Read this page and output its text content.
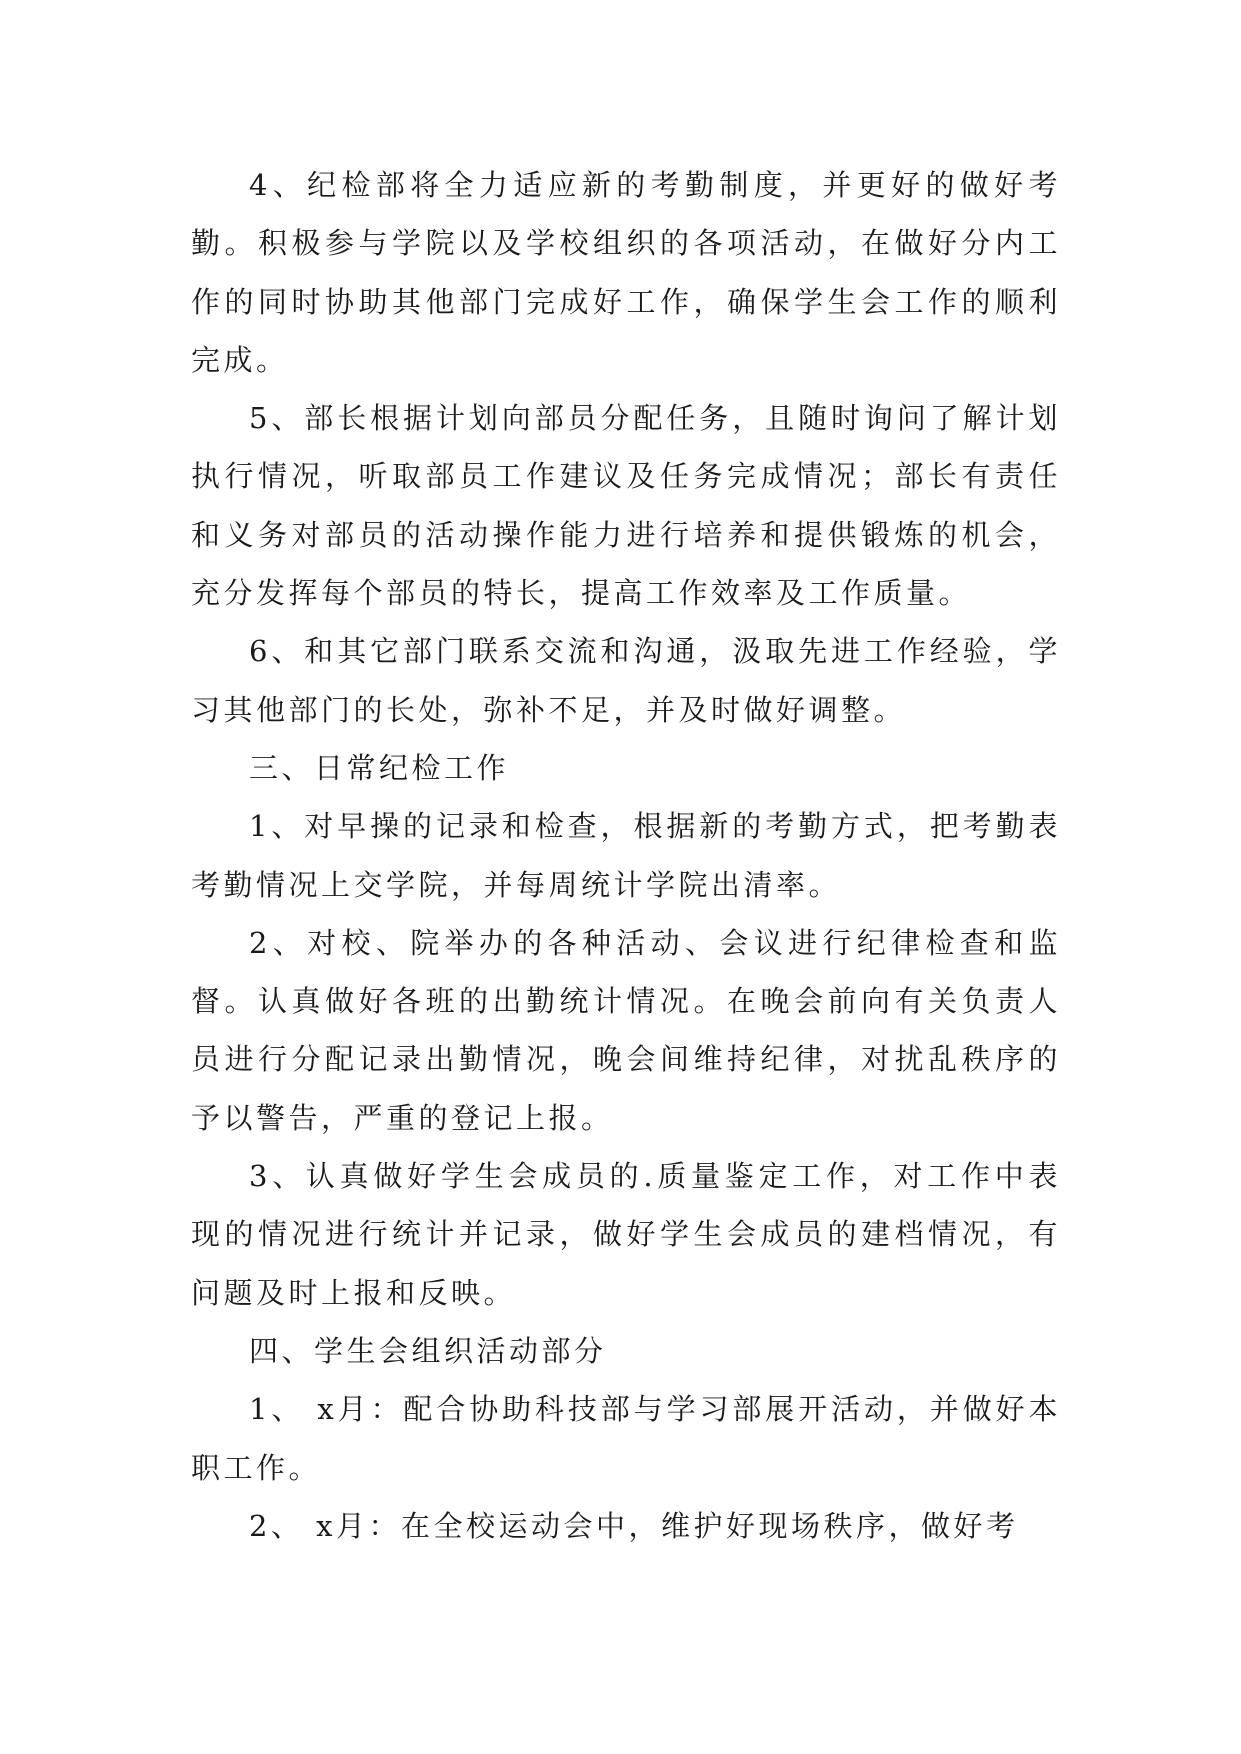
4、纪检部将全力适应新的考勤制度，并更好的做好考勤。积极参与学院以及学校组织的各项活动，在做好分内工作的同时协助其他部门完成好工作，确保学生会工作的顺利完成。

5、部长根据计划向部员分配任务，且随时询问了解计划执行情况，听取部员工作建议及任务完成情况；部长有责任和义务对部员的活动操作能力进行培养和提供锻炼的机会，充分发挥每个部员的特长，提高工作效率及工作质量。

6、和其它部门联系交流和沟通，汲取先进工作经验，学习其他部门的长处，弥补不足，并及时做好调整。

三、日常纪检工作

1、对早操的记录和检查，根据新的考勤方式，把考勤表考勤情况上交学院，并每周统计学院出清率。

2、对校、院举办的各种活动、会议进行纪律检查和监督。认真做好各班的出勤统计情况。在晚会前向有关负责人员进行分配记录出勤情况，晚会间维持纪律，对扰乱秩序的予以警告，严重的登记上报。

3、认真做好学生会成员的.质量鉴定工作，对工作中表现的情况进行统计并记录，做好学生会成员的建档情况，有问题及时上报和反映。

四、学生会组织活动部分

1、 x月：配合协助科技部与学习部展开活动，并做好本职工作。

2、 x月：在全校运动会中，维护好现场秩序，做好考
